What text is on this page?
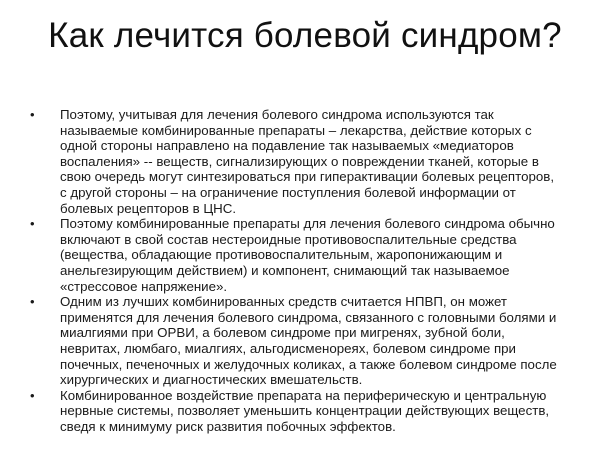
Как лечится болевой синдром?
• Поэтому, учитывая для лечения болевого синдрома используются так
называемые комбинированные препараты – лекарства, действие которых с
одной стороны направлено на подавление так называемых «медиаторов
воспаления» -- веществ, сигнализирующих о повреждении тканей, которые в
свою очередь могут синтезироваться при гиперактивации болевых рецепторов,
с другой стороны – на ограничение поступления болевой информации от
болевых рецепторов в ЦНС.
• Поэтому комбинированные препараты для лечения болевого синдрома обычно
включают в свой состав нестероидные противовоспалительные средства
(вещества, обладающие противовоспалительным, жаропонижающим и
анельгезирующим действием) и компонент, снимающий так называемое
«стрессовое напряжение».
• Одним из лучших комбинированных средств считается НПВП, он может
применятся для лечения болевого синдрома, связанного с головными болями и
миалгиями при ОРВИ, а болевом синдроме при мигренях, зубной боли,
невритах, люмбаго, миалгиях, альгодисменореях, болевом синдроме при
почечных, печеночных и желудочных коликах, а также болевом синдроме после
хирургических и диагностических вмешательств.
• Комбинированное воздействие препарата на периферическую и центральную
нервные системы, позволяет уменьшить концентрации действующих веществ,
сведя к минимуму риск развития побочных эффектов.
